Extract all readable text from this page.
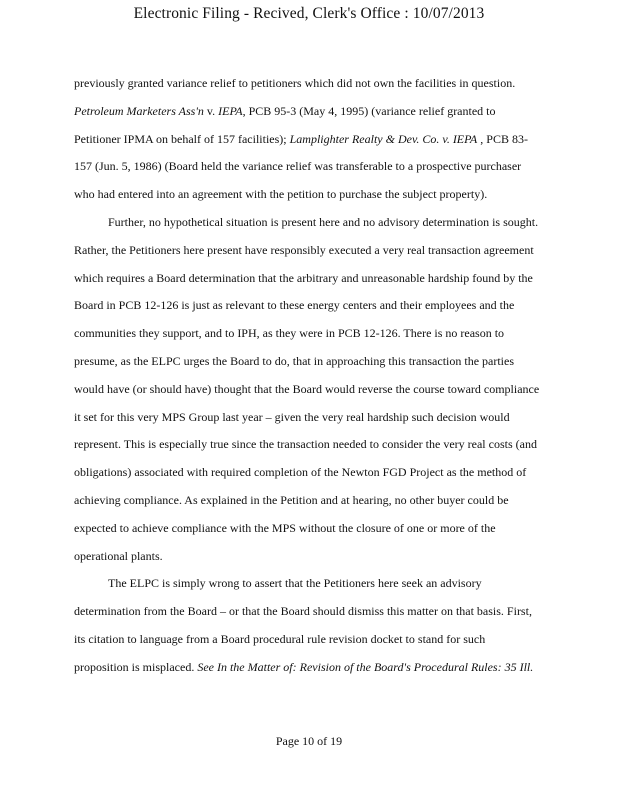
Electronic Filing - Recived, Clerk's Office : 10/07/2013
previously granted variance relief to petitioners which did not own the facilities in question.
Petroleum Marketers Ass'n v. IEPA, PCB 95-3 (May 4, 1995) (variance relief granted to
Petitioner IPMA on behalf of 157 facilities); Lamplighter Realty & Dev. Co. v. IEPA , PCB 83-
157 (Jun. 5, 1986) (Board held the variance relief was transferable to a prospective purchaser
who had entered into an agreement with the petition to purchase the subject property).
Further, no hypothetical situation is present here and no advisory determination is sought.
Rather, the Petitioners here present have responsibly executed a very real transaction agreement
which requires a Board determination that the arbitrary and unreasonable hardship found by the
Board in PCB 12-126 is just as relevant to these energy centers and their employees and the
communities they support, and to IPH, as they were in PCB 12-126. There is no reason to
presume, as the ELPC urges the Board to do, that in approaching this transaction the parties
would have (or should have) thought that the Board would reverse the course toward compliance
it set for this very MPS Group last year – given the very real hardship such decision would
represent. This is especially true since the transaction needed to consider the very real costs (and
obligations) associated with required completion of the Newton FGD Project as the method of
achieving compliance. As explained in the Petition and at hearing, no other buyer could be
expected to achieve compliance with the MPS without the closure of one or more of the
operational plants.
The ELPC is simply wrong to assert that the Petitioners here seek an advisory
determination from the Board – or that the Board should dismiss this matter on that basis. First,
its citation to language from a Board procedural rule revision docket to stand for such
proposition is misplaced. See In the Matter of: Revision of the Board's Procedural Rules: 35 Ill.
Page 10 of 19
